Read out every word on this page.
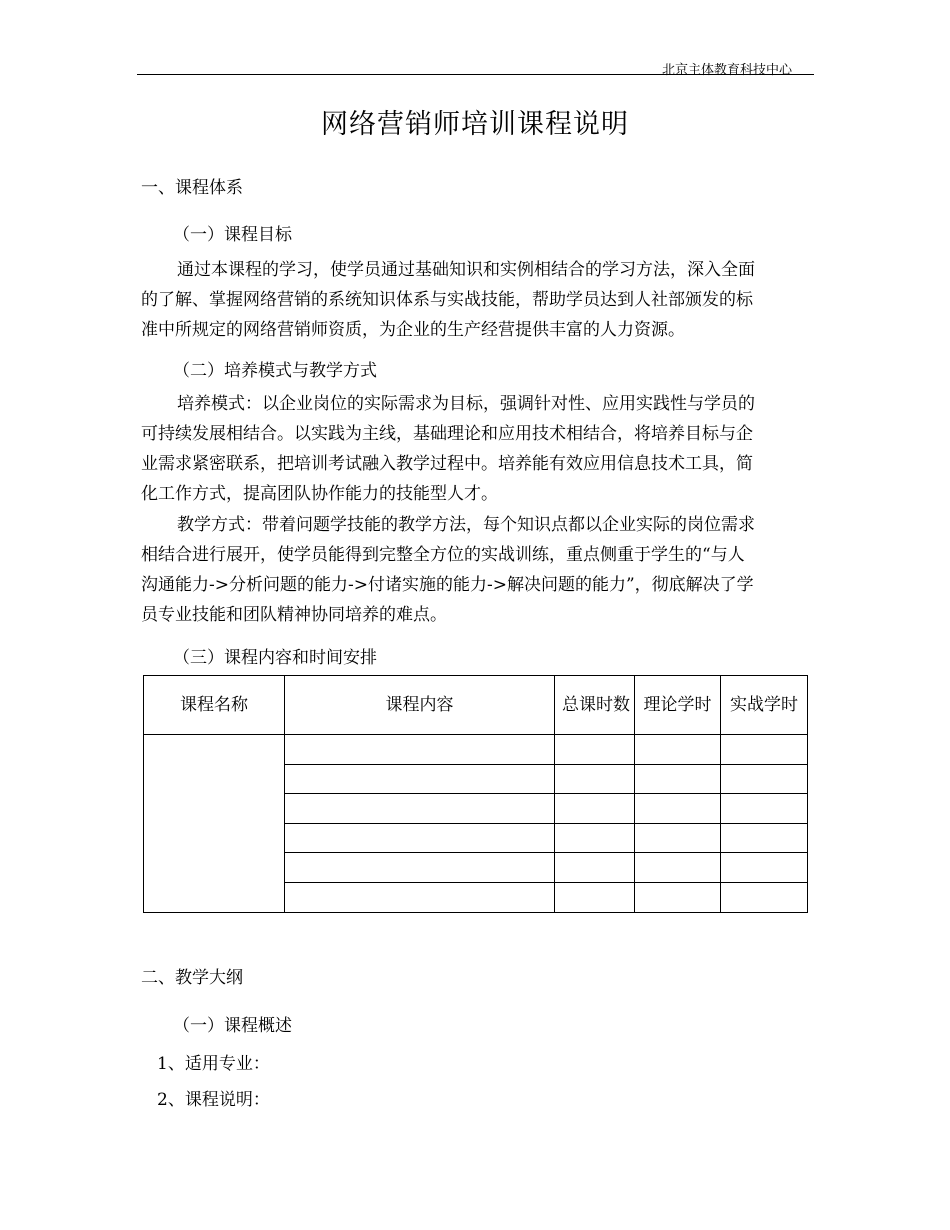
北京主体教育科技中心
网络营销师培训课程说明
一、课程体系
（一）课程目标
通过本课程的学习，使学员通过基础知识和实例相结合的学习方法，深入全面
的了解、掌握网络营销的系统知识体系与实战技能，帮助学员达到人社部颁发的标
准中所规定的网络营销师资质，为企业的生产经营提供丰富的人力资源。
（二）培养模式与教学方式
培养模式：以企业岗位的实际需求为目标，强调针对性、应用实践性与学员的
可持续发展相结合。以实践为主线，基础理论和应用技术相结合，将培养目标与企
业需求紧密联系，把培训考试融入教学过程中。培养能有效应用信息技术工具，简
化工作方式，提高团队协作能力的技能型人才。
教学方式：带着问题学技能的教学方法，每个知识点都以企业实际的岗位需求
相结合进行展开，使学员能得到完整全方位的实战训练，重点侧重于学生的“与人
沟通能力->分析问题的能力->付诸实施的能力->解决问题的能力”，彻底解决了学
员专业技能和团队精神协同培养的难点。
（三）课程内容和时间安排
课程名称	课程内容	总课时数	理论学时	实战学时

二、教学大纲
（一）课程概述
1、适用专业：
2、课程说明：
